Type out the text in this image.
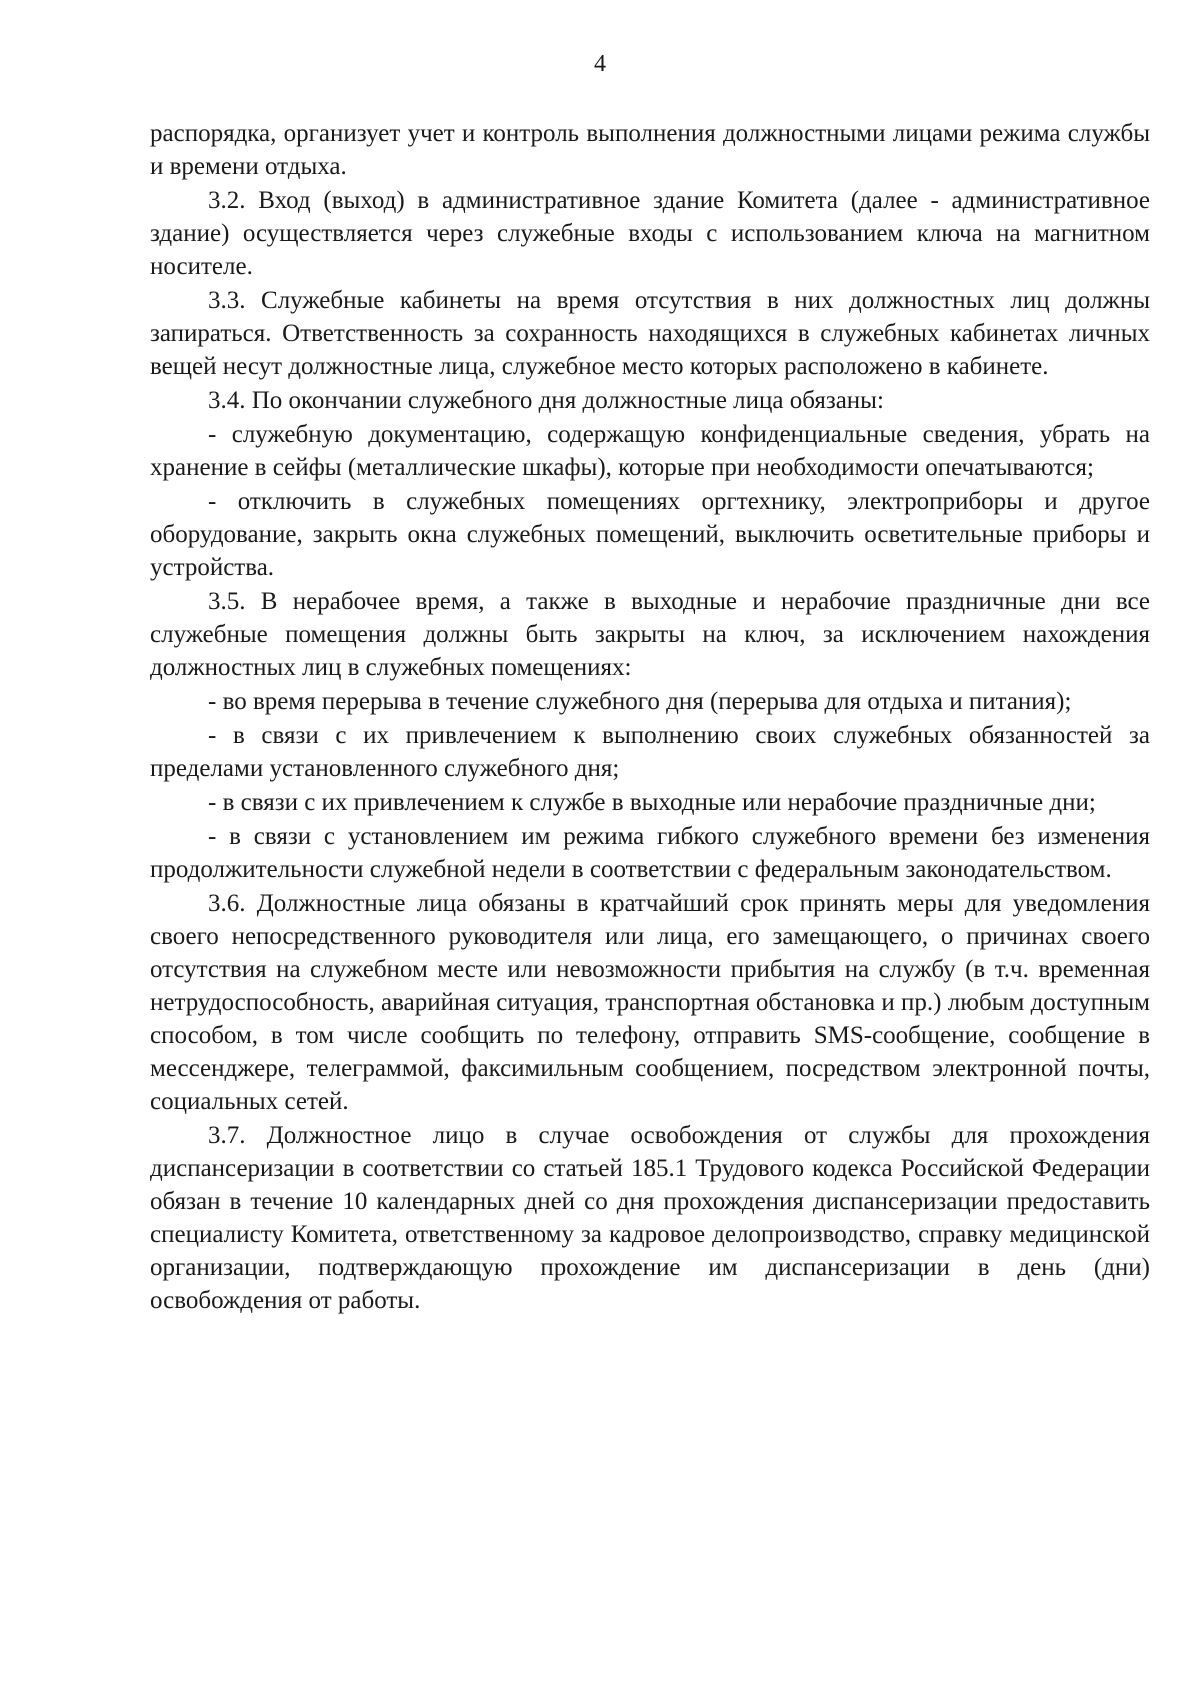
4

распорядка, организует учет и контроль выполнения должностными лицами режима службы и времени отдыха.

3.2. Вход (выход) в административное здание Комитета (далее - административное здание) осуществляется через служебные входы с использованием ключа на магнитном носителе.

3.3. Служебные кабинеты на время отсутствия в них должностных лиц должны запираться. Ответственность за сохранность находящихся в служебных кабинетах личных вещей несут должностные лица, служебное место которых расположено в кабинете.

3.4. По окончании служебного дня должностные лица обязаны:

- служебную документацию, содержащую конфиденциальные сведения, убрать на хранение в сейфы (металлические шкафы), которые при необходимости опечатываются;

- отключить в служебных помещениях оргтехнику, электроприборы и другое оборудование, закрыть окна служебных помещений, выключить осветительные приборы и устройства.

3.5. В нерабочее время, а также в выходные и нерабочие праздничные дни все служебные помещения должны быть закрыты на ключ, за исключением нахождения должностных лиц в служебных помещениях:

- во время перерыва в течение служебного дня (перерыва для отдыха и питания);

- в связи с их привлечением к выполнению своих служебных обязанностей за пределами установленного служебного дня;

- в связи с их привлечением к службе в выходные или нерабочие праздничные дни;

- в связи с установлением им режима гибкого служебного времени без изменения продолжительности служебной недели в соответствии с федеральным законодательством.

3.6. Должностные лица обязаны в кратчайший срок принять меры для уведомления своего непосредственного руководителя или лица, его замещающего, о причинах своего отсутствия на служебном месте или невозможности прибытия на службу (в т.ч. временная нетрудоспособность, аварийная ситуация, транспортная обстановка и пр.) любым доступным способом, в том числе сообщить по телефону, отправить SMS-сообщение, сообщение в мессенджере, телеграммой, факсимильным сообщением, посредством электронной почты, социальных сетей.

3.7. Должностное лицо в случае освобождения от службы для прохождения диспансеризации в соответствии со статьей 185.1 Трудового кодекса Российской Федерации обязан в течение 10 календарных дней со дня прохождения диспансеризации предоставить специалисту Комитета, ответственному за кадровое делопроизводство, справку медицинской организации, подтверждающую прохождение им диспансеризации в день (дни) освобождения от работы.
